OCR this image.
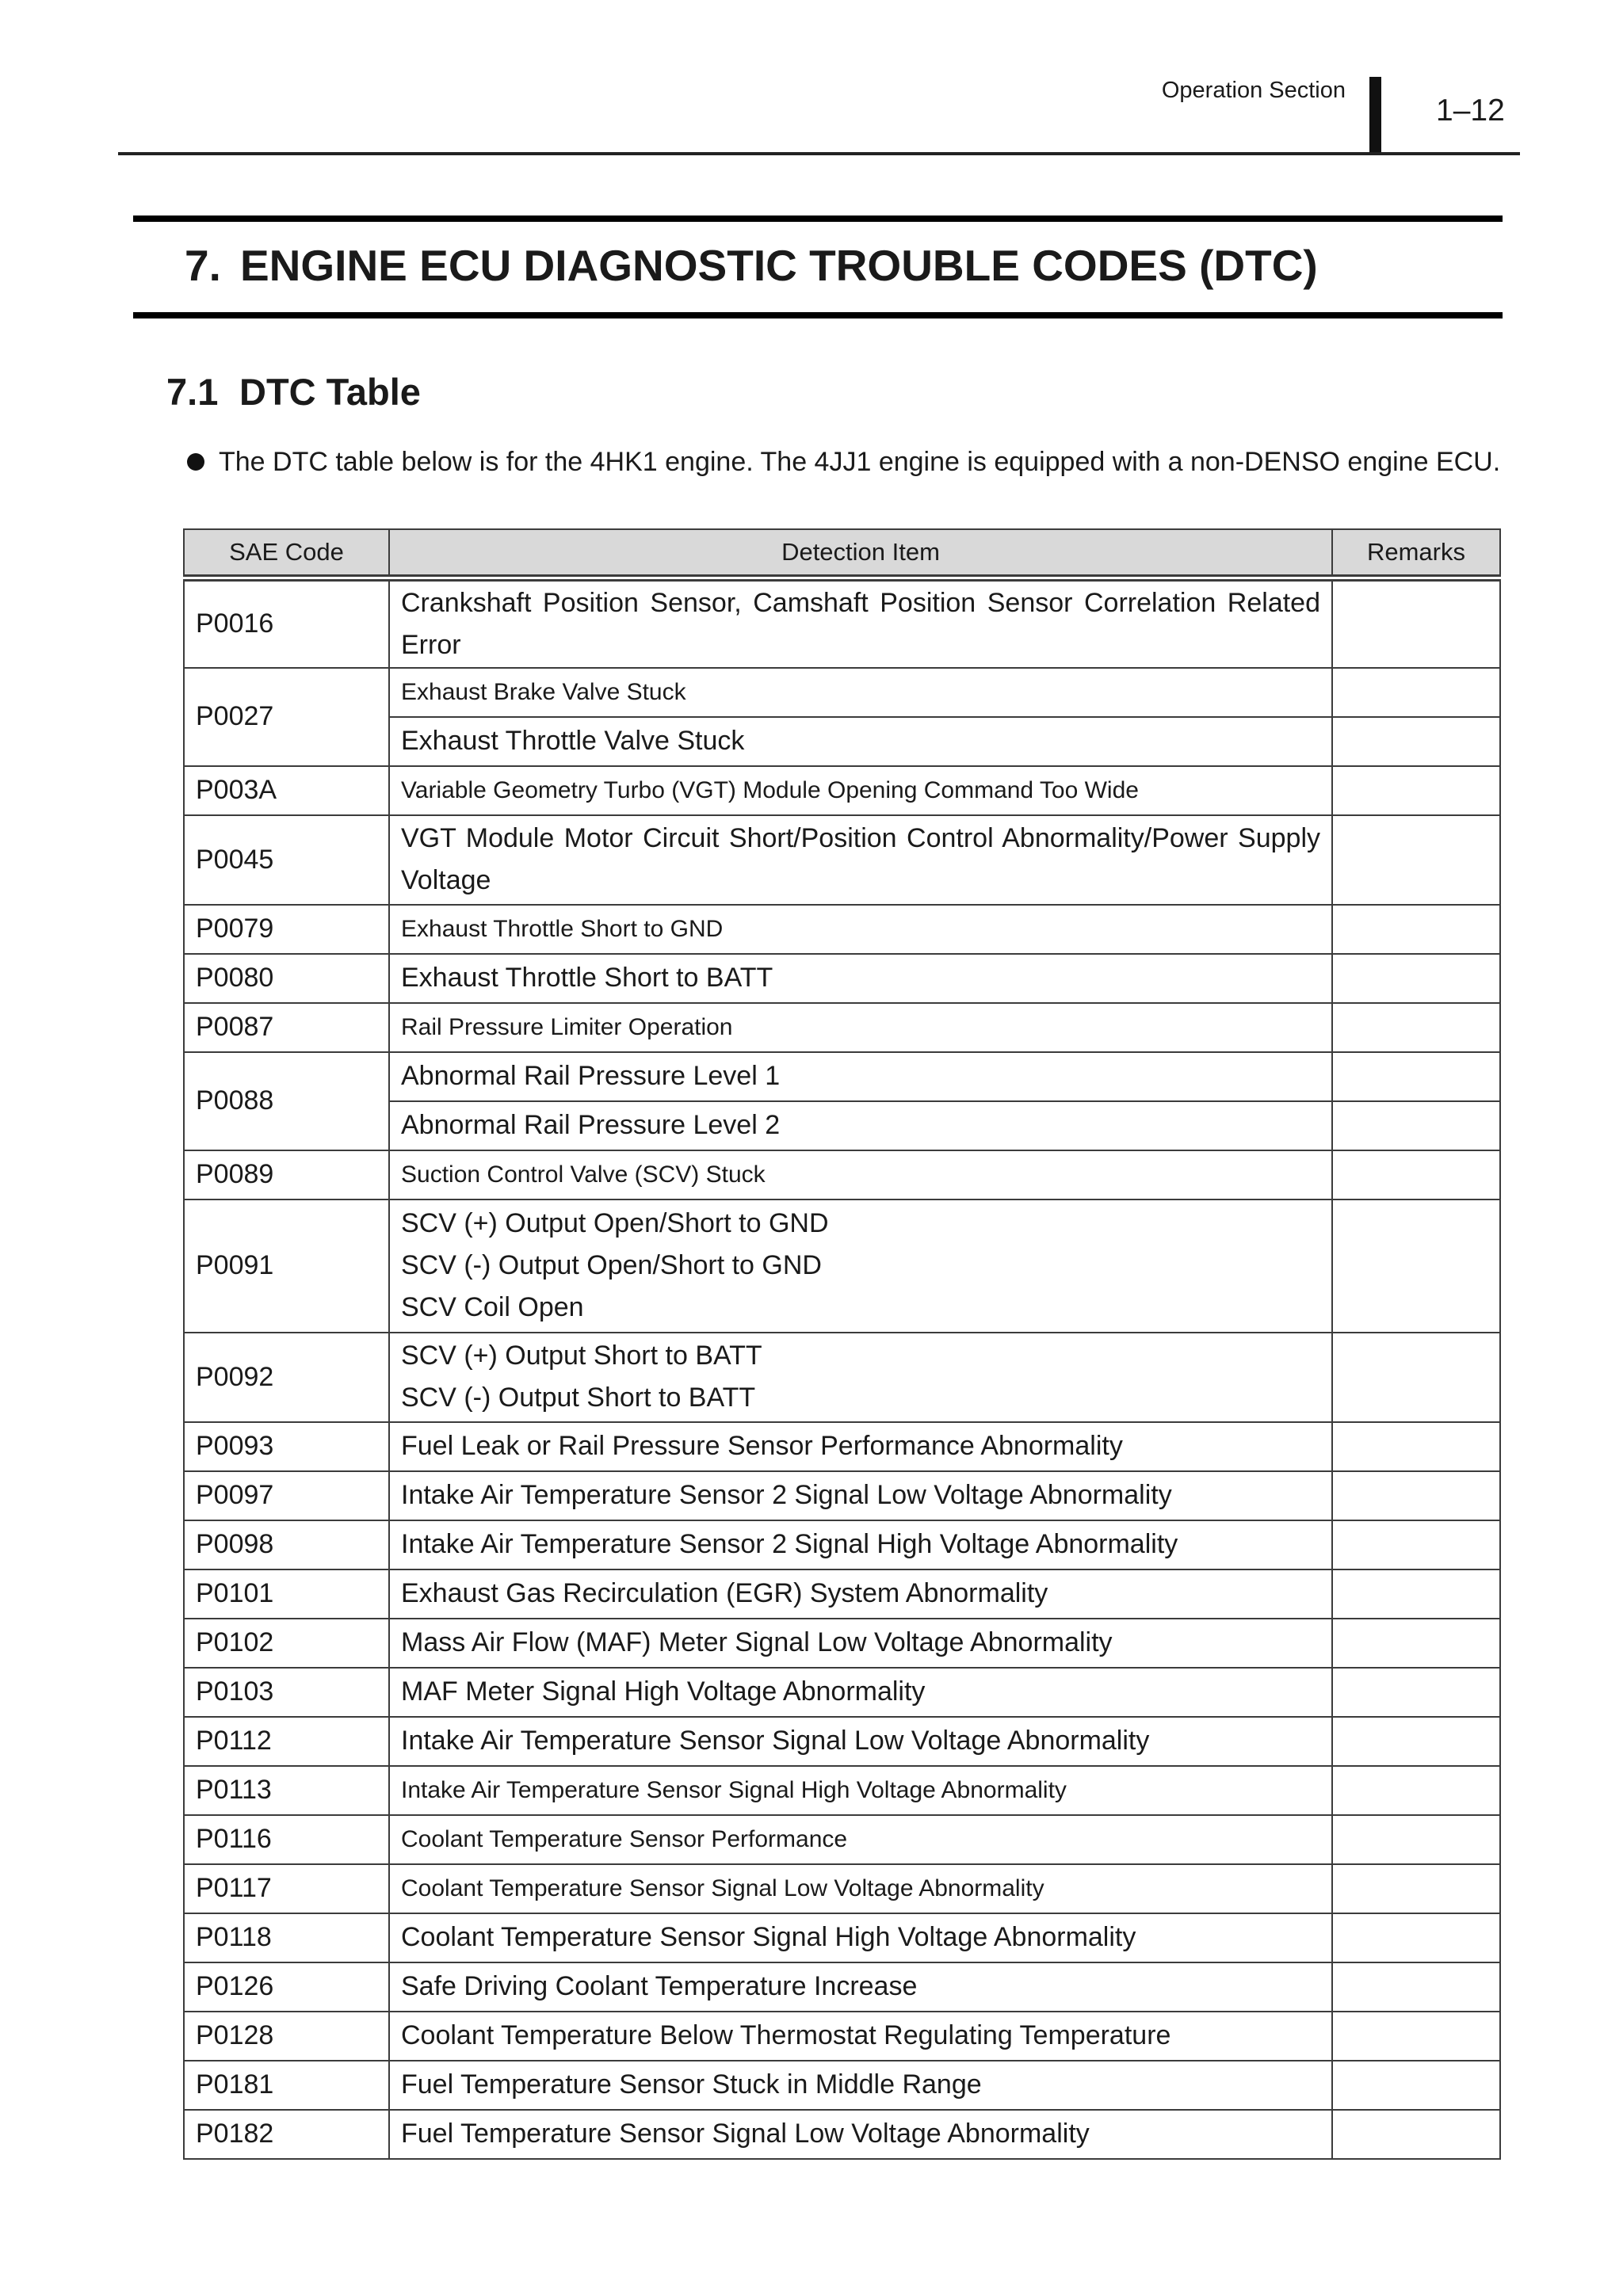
Operation Section
1–12
7. ENGINE ECU DIAGNOSTIC TROUBLE CODES (DTC)
7.1 DTC Table
The DTC table below is for the 4HK1 engine. The 4JJ1 engine is equipped with a non-DENSO engine ECU.
SAE Code	Detection Item	Remarks
P0016	Crankshaft Position Sensor, Camshaft Position Sensor Correlation Related Error	
P0027	Exhaust Brake Valve Stuck	
	Exhaust Throttle Valve Stuck	
P003A	Variable Geometry Turbo (VGT) Module Opening Command Too Wide	
P0045	VGT Module Motor Circuit Short/Position Control Abnormality/Power Supply Voltage	
P0079	Exhaust Throttle Short to GND	
P0080	Exhaust Throttle Short to BATT	
P0087	Rail Pressure Limiter Operation	
P0088	Abnormal Rail Pressure Level 1	
	Abnormal Rail Pressure Level 2	
P0089	Suction Control Valve (SCV) Stuck	
P0091	SCV (+) Output Open/Short to GND
SCV (-) Output Open/Short to GND
SCV Coil Open	

P0092	SCV (+) Output Short to BATT
SCV (-) Output Short to BATT	

P0093	Fuel Leak or Rail Pressure Sensor Performance Abnormality	
P0097	Intake Air Temperature Sensor 2 Signal Low Voltage Abnormality	
P0098	Intake Air Temperature Sensor 2 Signal High Voltage Abnormality	
P0101	Exhaust Gas Recirculation (EGR) System Abnormality	
P0102	Mass Air Flow (MAF) Meter Signal Low Voltage Abnormality	
P0103	MAF Meter Signal High Voltage Abnormality	
P0112	Intake Air Temperature Sensor Signal Low Voltage Abnormality	
P0113	Intake Air Temperature Sensor Signal High Voltage Abnormality	
P0116	Coolant Temperature Sensor Performance	
P0117	Coolant Temperature Sensor Signal Low Voltage Abnormality	
P0118	Coolant Temperature Sensor Signal High Voltage Abnormality	
P0126	Safe Driving Coolant Temperature Increase	
P0128	Coolant Temperature Below Thermostat Regulating Temperature	
P0181	Fuel Temperature Sensor Stuck in Middle Range	
P0182	Fuel Temperature Sensor Signal Low Voltage Abnormality	
